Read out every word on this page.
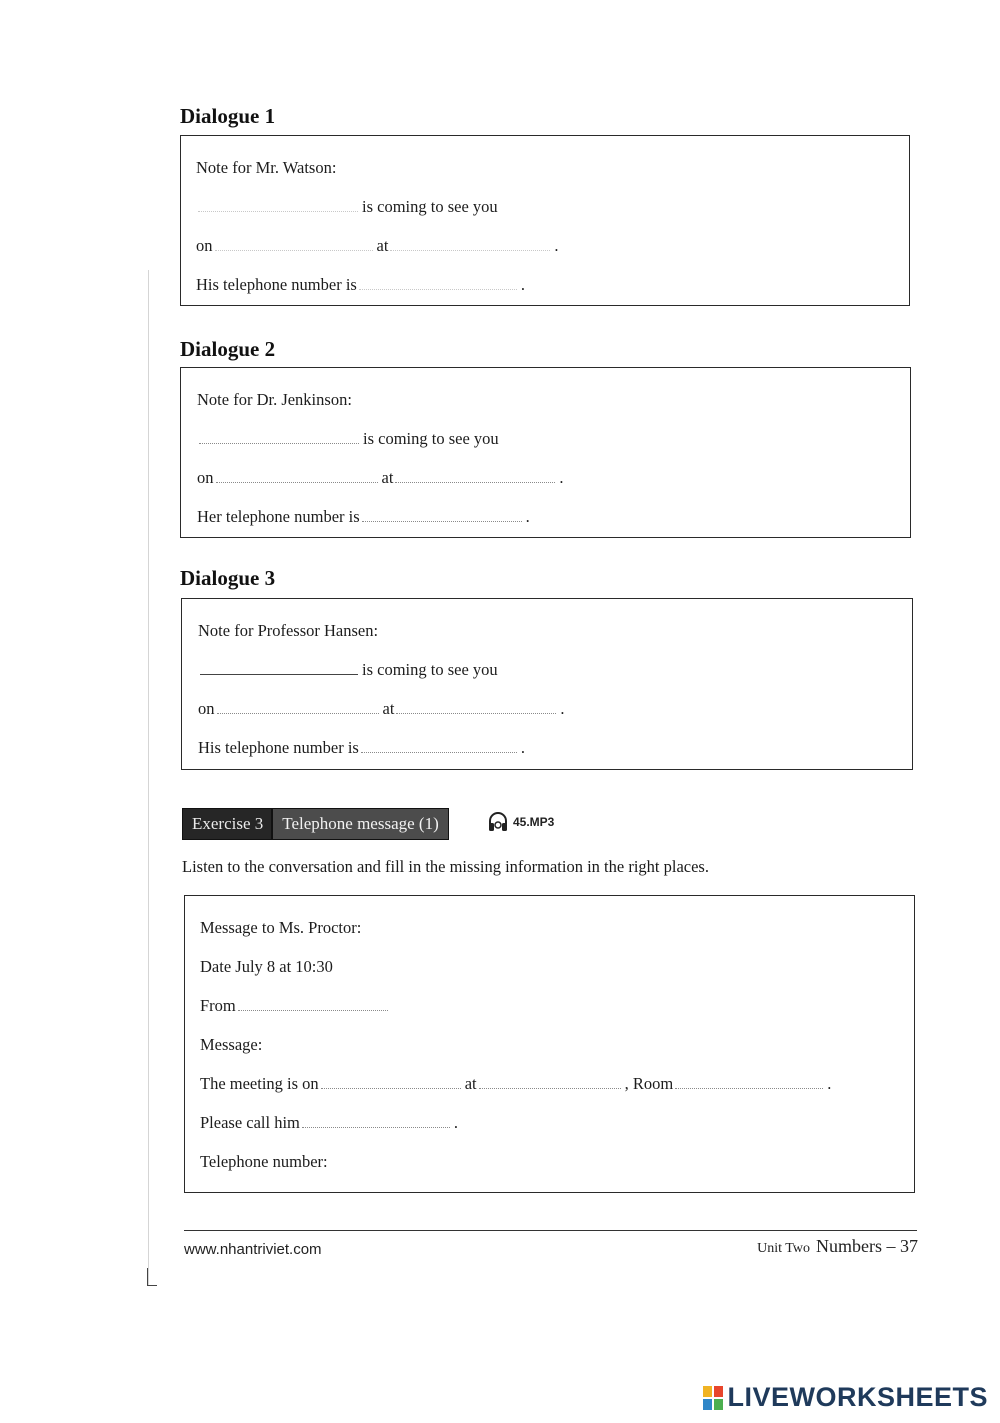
Dialogue 1
Note for Mr. Watson:
is coming to see you
on	at	.
His telephone number is	.
Dialogue 2
Note for Dr. Jenkinson:
is coming to see you
on	at	.
Her telephone number is	.
Dialogue 3
Note for Professor Hansen:
is coming to see you
on	at	.
His telephone number is	.
Exercise 3	Telephone message (1)	45.MP3

Listen to the conversation and fill in the missing information in the right places.

Message to Ms. Proctor:
Date July 8 at 10:30
From
Message:
The meeting is on	at	, Room	.
Please call him	.
Telephone number:
www.nhantriviet.com	Unit Two Numbers – 37
LIVEWORKSHEETS
